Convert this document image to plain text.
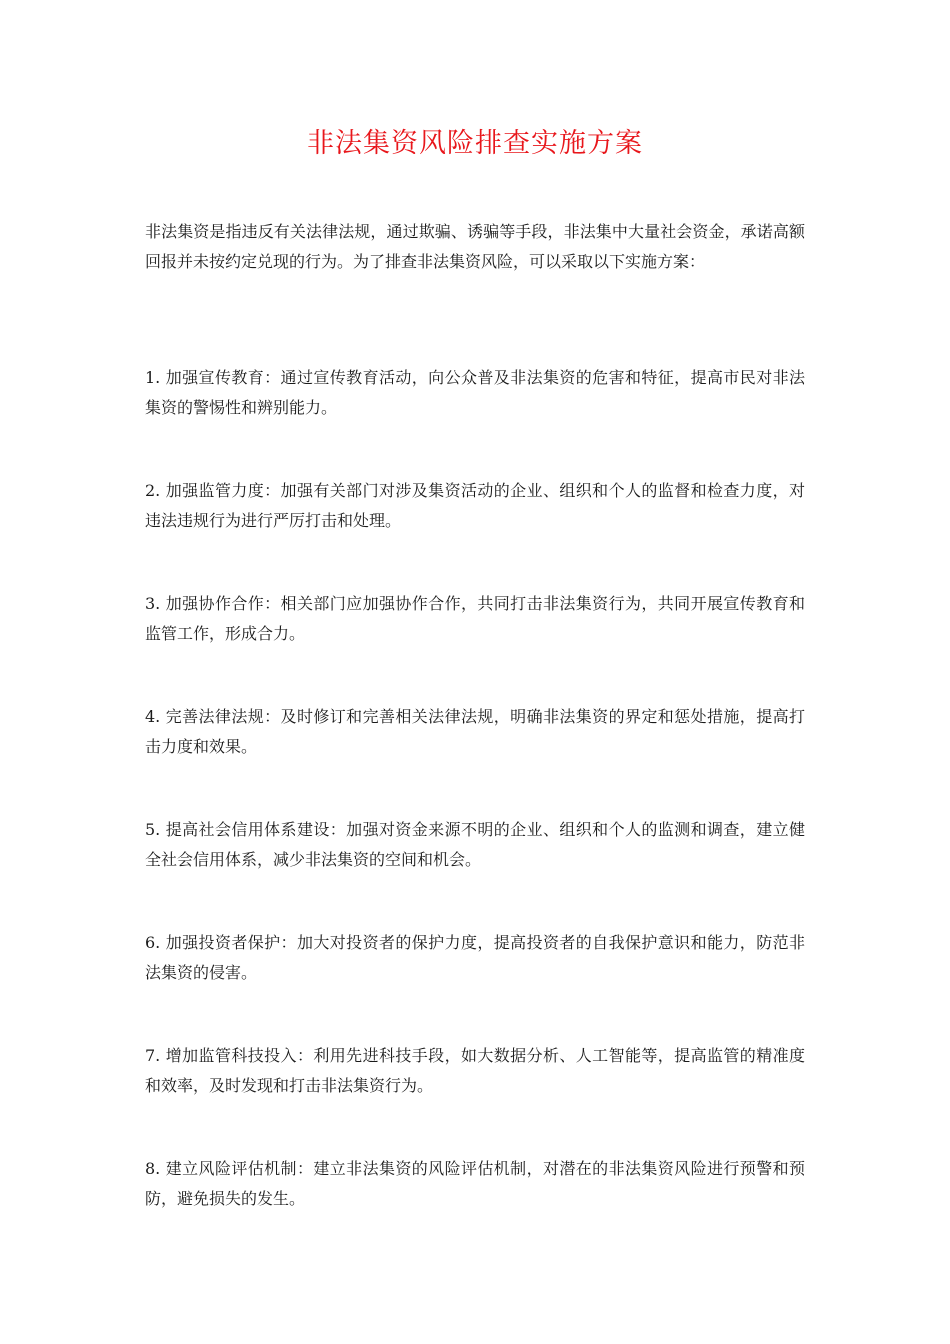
非法集资风险排查实施方案

非法集资是指违反有关法律法规，通过欺骗、诱骗等手段，非法集中大量社会资金，承诺高额回报并未按约定兑现的行为。为了排查非法集资风险，可以采取以下实施方案：

1. 加强宣传教育：通过宣传教育活动，向公众普及非法集资的危害和特征，提高市民对非法集资的警惕性和辨别能力。

2. 加强监管力度：加强有关部门对涉及集资活动的企业、组织和个人的监督和检查力度，对违法违规行为进行严厉打击和处理。

3. 加强协作合作：相关部门应加强协作合作，共同打击非法集资行为，共同开展宣传教育和监管工作，形成合力。

4. 完善法律法规：及时修订和完善相关法律法规，明确非法集资的界定和惩处措施，提高打击力度和效果。

5. 提高社会信用体系建设：加强对资金来源不明的企业、组织和个人的监测和调查，建立健全社会信用体系，减少非法集资的空间和机会。

6. 加强投资者保护：加大对投资者的保护力度，提高投资者的自我保护意识和能力，防范非法集资的侵害。

7. 增加监管科技投入：利用先进科技手段，如大数据分析、人工智能等，提高监管的精准度和效率，及时发现和打击非法集资行为。

8. 建立风险评估机制：建立非法集资的风险评估机制，对潜在的非法集资风险进行预警和预防，避免损失的发生。
